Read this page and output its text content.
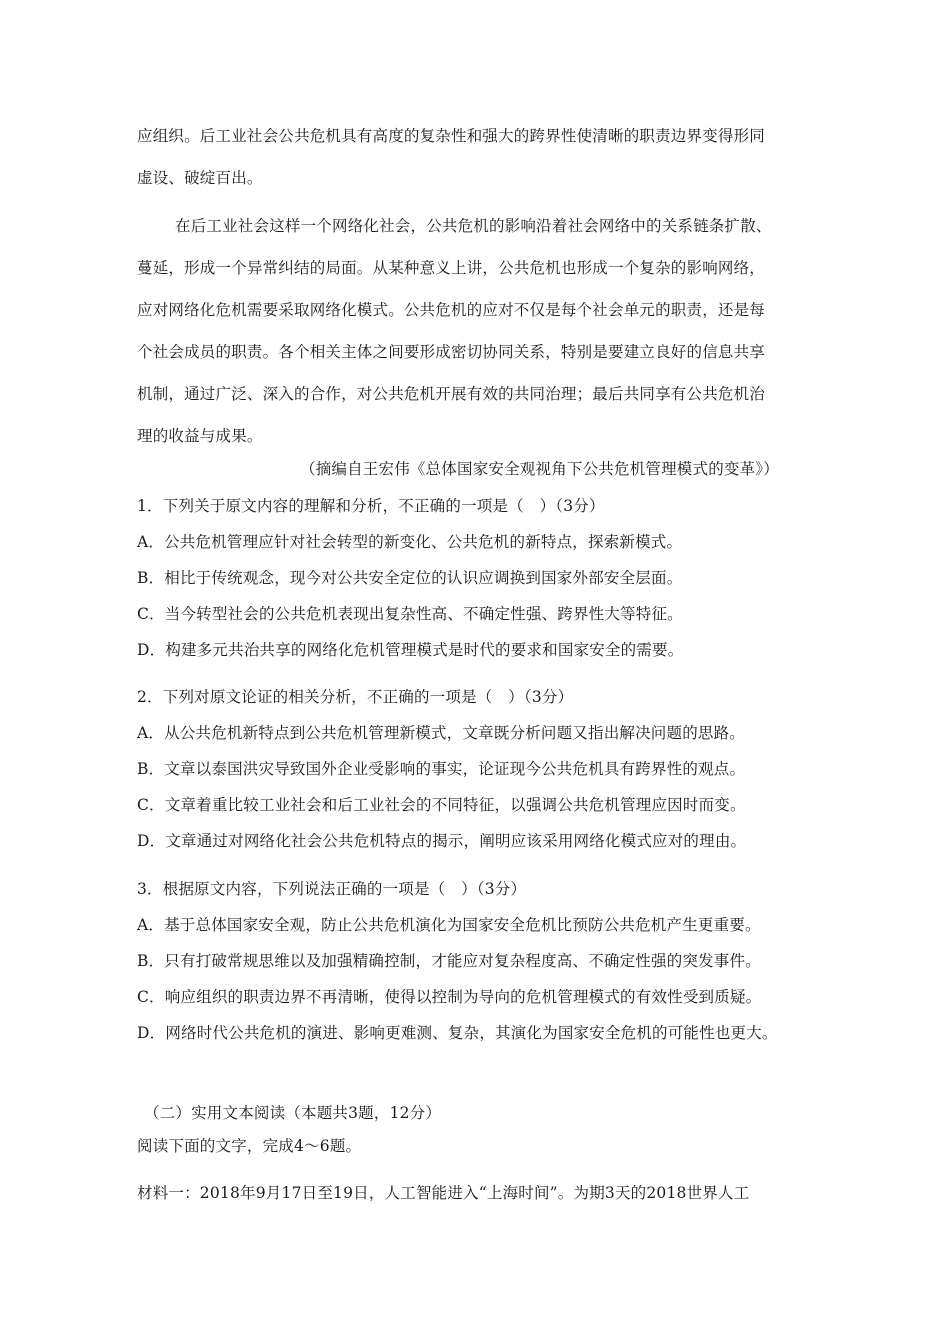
应组织。后工业社会公共危机具有高度的复杂性和强大的跨界性使清晰的职责边界变得形同
虚设、破绽百出。
在后工业社会这样一个网络化社会，公共危机的影响沿着社会网络中的关系链条扩散、
蔓延，形成一个异常纠结的局面。从某种意义上讲，公共危机也形成一个复杂的影响网络，
应对网络化危机需要采取网络化模式。公共危机的应对不仅是每个社会单元的职责，还是每
个社会成员的职责。各个相关主体之间要形成密切协同关系，特别是要建立良好的信息共享
机制，通过广泛、深入的合作，对公共危机开展有效的共同治理；最后共同享有公共危机治
理的收益与成果。
（摘编自王宏伟《总体国家安全观视角下公共危机管理模式的变革》）
1．下列关于原文内容的理解和分析，不正确的一项是（　）（3分）
A．公共危机管理应针对社会转型的新变化、公共危机的新特点，探索新模式。
B．相比于传统观念，现今对公共安全定位的认识应调换到国家外部安全层面。
C．当今转型社会的公共危机表现出复杂性高、不确定性强、跨界性大等特征。
D．构建多元共治共享的网络化危机管理模式是时代的要求和国家安全的需要。
2．下列对原文论证的相关分析，不正确的一项是（　）（3分）
A．从公共危机新特点到公共危机管理新模式，文章既分析问题又指出解决问题的思路。
B．文章以泰国洪灾导致国外企业受影响的事实，论证现今公共危机具有跨界性的观点。
C．文章着重比较工业社会和后工业社会的不同特征，以强调公共危机管理应因时而变。
D．文章通过对网络化社会公共危机特点的揭示，阐明应该采用网络化模式应对的理由。
3．根据原文内容，下列说法正确的一项是（　）（3分）
A．基于总体国家安全观，防止公共危机演化为国家安全危机比预防公共危机产生更重要。
B．只有打破常规思维以及加强精确控制，才能应对复杂程度高、不确定性强的突发事件。
C．响应组织的职责边界不再清晰，使得以控制为导向的危机管理模式的有效性受到质疑。
D．网络时代公共危机的演进、影响更难测、复杂，其演化为国家安全危机的可能性也更大。
（二）实用文本阅读（本题共3题，12分）
阅读下面的文字，完成4～6题。
材料一：2018年9月17日至19日，人工智能进入“上海时间”。为期3天的2018世界人工
